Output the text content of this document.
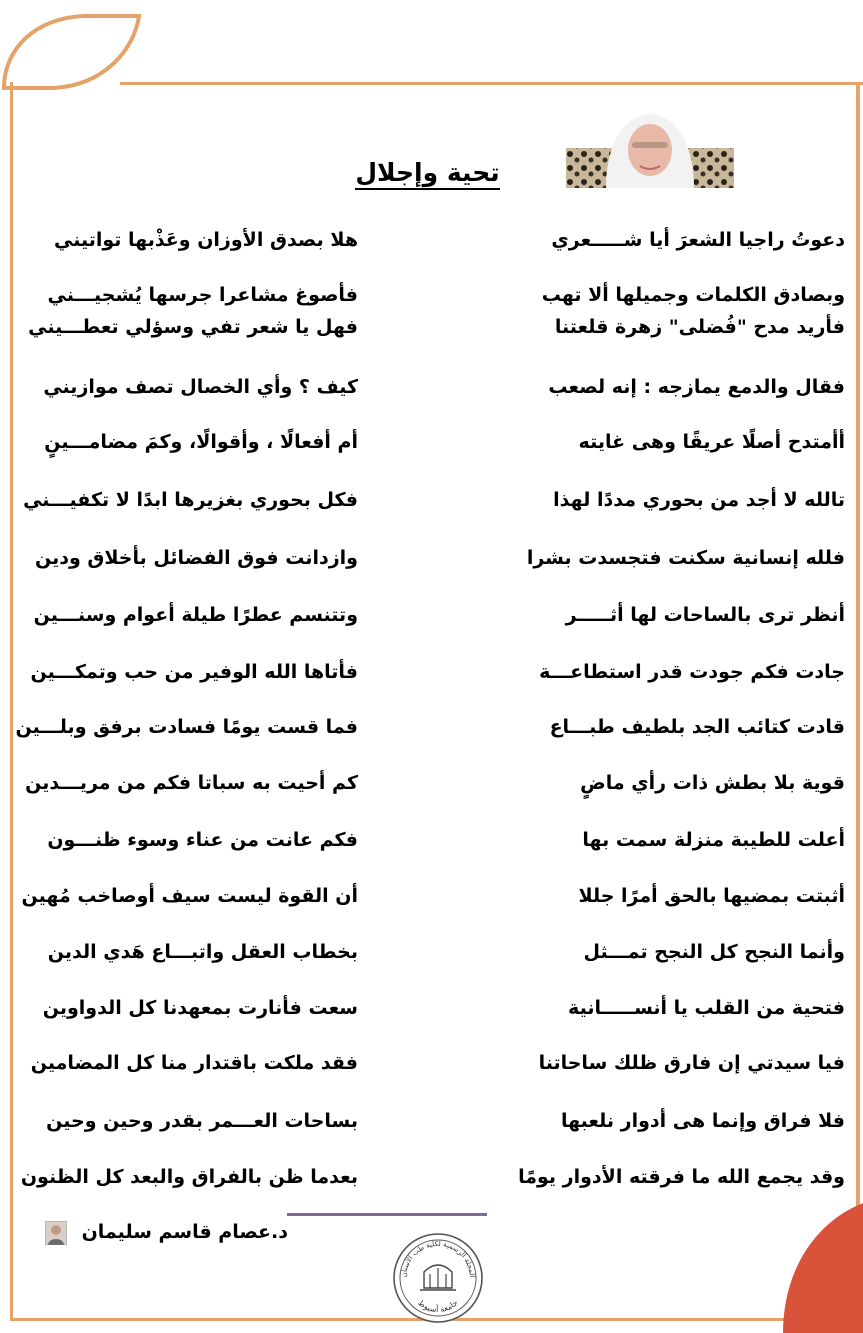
تحية وإجلال
دعوتُ راجيا الشعرَ أيا شـــــعري
وبصادق الكلمات وجميلها ألا تهب
فأريد مدح "فُضلى" زهرة قلعتنا
فقال والدمع يمازجه : إنه لصعب
أأمتدح أصلًا عريقًا وهى غايته
تالله لا أجد من بحوري مددًا لهذا
فلله إنسانية سكنت فتجسدت بشرا
أنظر ترى بالساحات لها أثـــــر
جادت فكم جودت قدر استطاعـــة
قادت كتائب الجد بلطيف طبـــاع
قوية بلا بطش ذات رأي ماضٍ
أعلت للطيبة منزلة سمت بها
أثبتت بمضيها بالحق أمرًا جللا
وأنما النجح كل النجح تمـــثل
فتحية من القلب يا أنســـــانية
فيا سيدتي إن فارق ظلك ساحاتنا
فلا فراق وإنما هى أدوار نلعبها
وقد يجمع الله ما فرقته الأدوار يومًا
هلا بصدق الأوزان وعَذْبها تواتيني
فأصوغ مشاعرا جرسها يُشجيـــني
فهل يا شعر تفي وسؤلي تعطـــيني
كيف ؟ وأي الخصال تصف موازيني
أم أفعالًا ، وأقوالًا، وكمَ مضامـــينٍ
فكل بحوري بغزيرها ابدًا لا تكفيـــني
وازدانت فوق الفضائل بأخلاق ودين
وتتنسم عطرًا طيلة أعوام وسنـــين
فأتاها الله الوفير من حب وتمكـــين
فما قست يومًا فسادت برفق وبلـــين
كم أحيت به سباتا فكم من مريـــدين
فكم عانت من عناء وسوء ظنـــون
أن القوة ليست سيف أوصاخب مُهين
بخطاب العقل واتبـــاع هَدي الدين
سعت فأنارت بمعهدنا كل الدواوين
فقد ملكت باقتدار منا كل المضامين
بساحات العـــمر بقدر وحين وحين
بعدما ظن بالفراق والبعد كل الظنون
د.عصام قاسم سليمان
المجلة الرسمية لكلية طب الأسنان
جامعة أسيوط
